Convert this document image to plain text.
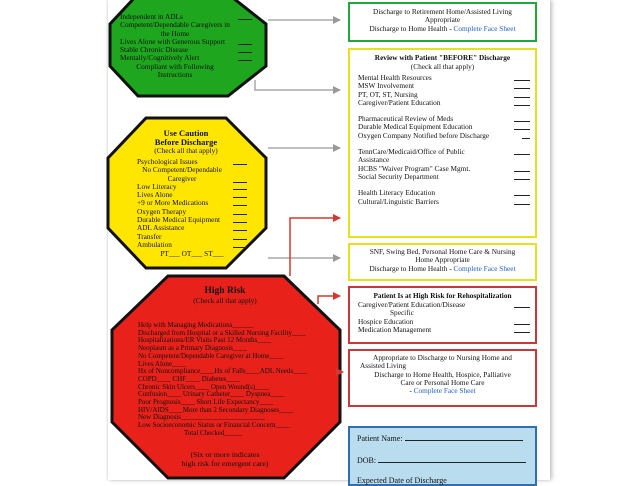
Independent in ADLs
Competent/Dependable Caregivers in the Home
Lives Alone with Generous Support
Stable Chronic Disease
Mentally/Cognitively Alert
Compliant with Following Instructions
Use Caution
Before Discharge
(Check all that apply)
Psychological Issues
No Competent/Dependable Caregiver
Low Literacy
Lives Alone
+9 or More Medications
Oxygen Therapy
Durable Medical Equipment
ADL Assistance
Transfer
Ambulation
PT___ OT___ ST___
High Risk
(Check all that apply)
Help with Managing Medications______
Discharged from Hospital or a Skilled Nursing Facility____
Hospitalizations/ER Visits Past 12 Months____
Neoplasm as a Primary Diagnosis____
No Competent/Dependable Caregiver at Home____
Lives Alone____
Hx of Noncompliance____Hx of Falls____ADL Needs____
COPD____ CHF____ Diabetes____
Chronic Skin Ulcers____ Open Wound(s)____
Confusion____ Urinary Catheter____ Dyspnea____
Poor Prognosis____ Short Life Expectancy____
HIV/AIDS____More than 2 Secondary Diagnoses____
New Diagnosis________________________
Low Socioeconomic Status or Financial Concern____
Total Checked_____
(Six or more indicates
high risk for emergent care)
Discharge to Retirement Home/Assisted Living
Appropriate
Discharge to Home Health - Complete Face Sheet
Review with Patient "BEFORE" Discharge
(Check all that apply)
Mental Health Resources
MSW Involvement
PT, OT, ST, Nursing
Caregiver/Patient Education
Pharmaceutical Review of Meds
Durable Medical Equipment Education
Oxygen Company Notified before Discharge
TennCare/Medicaid/Office of Public
Assistance
HCBS "Waiver Program" Case Mgmt.
Social Security Department
Health Literacy Education
Cultural/Linguistic Barriers
SNF, Swing Bed, Personal Home Care & Nursing
Home Appropriate
Discharge to Home Health - Complete Face Sheet
Patient Is at High Risk for Rehospitalization
Caregiver/Patient Education/Disease
Specific
Hospice Education
Medication Management
Appropriate to Discharge to Nursing Home and
Assisted Living
Discharge to Home Health, Hospice, Palliative
Care or Personal Home Care
- Complete Face Sheet
Patient Name:
DOB:
Expected Date of Discharge
